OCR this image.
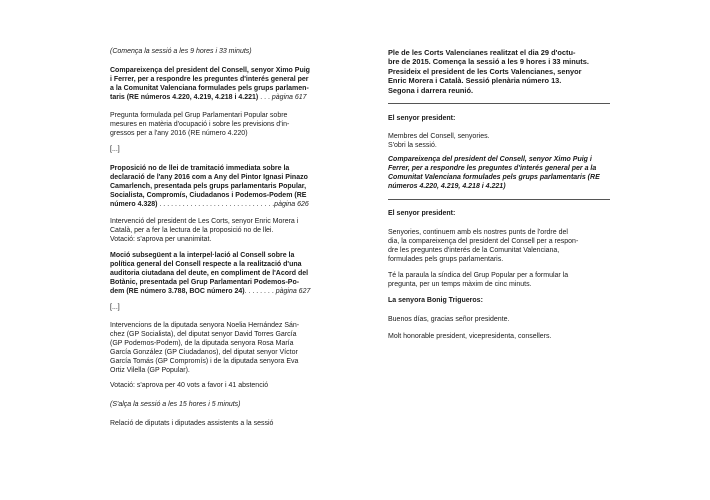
(Comença la sessió a les 9 hores i 33 minuts)

Compareixença del president del Consell, senyor Ximo Puig
i Ferrer, per a respondre les preguntes d'interés general per
a la Comunitat Valenciana formulades pels grups parlamen-
taris (RE números 4.220, 4.219, 4.218 i 4.221) . . . pàgina 617
Pregunta formulada pel Grup Parlamentari Popular sobre
mesures en matèria d'ocupació i sobre les previsions d'in-
gressos per a l'any 2016 (RE número 4.220)

[...]

Proposició no de llei de tramitació immediata sobre la
declaració de l'any 2016 com a Any del Pintor Ignasi Pinazo
Camarlench, presentada pels grups parlamentaris Popular,
Socialista, Compromís, Ciudadanos i Podemos-Podem (RE
número 4.328) . . . . . . . . . . . . . . . . . . . . . . . . . . . . . .pàgina 626
Intervenció del president de Les Corts, senyor Enric Morera i
Català, per a fer la lectura de la proposició no de llei.
Votació: s'aprova per unanimitat.
Moció subsegüent a la interpel·lació al Consell sobre la
política general del Consell respecte a la realització d'una
auditoria ciutadana del deute, en compliment de l'Acord del
Botànic, presentada pel Grup Parlamentari Podemos-Po-
dem (RE número 3.788, BOC número 24). . . . . . . . pàgina 627

[...]

Intervencions de la diputada senyora Noelia Hernández Sán-
chez (GP Socialista), del diputat senyor David Torres García
(GP Podemos-Podem), de la diputada senyora Rosa María
García González (GP Ciudadanos), del diputat senyor Víctor
García Tomás (GP Compromís) i de la diputada senyora Eva
Ortiz Vilella (GP Popular).

Votació: s'aprova per 40 vots a favor i 41 abstenció

(S'alça la sessió a les 15 hores i 5 minuts)

Relació de diputats i diputades assistents a la sessió

Ple de les Corts Valencianes realitzat el dia 29 d'octu-
bre de 2015. Comença la sessió a les 9 hores i 33 minuts.
Presideix el president de les Corts Valencianes, senyor
Enric Morera i Català. Sessió plenària número 13.
Segona i darrera reunió.

El senyor president:

Membres del Consell, senyories.
S'obri la sessió.
Compareixença del president del Consell, senyor Ximo Puig i
Ferrer, per a respondre les preguntes d'interés general per a la
Comunitat Valenciana formulades pels grups parlamentaris (RE
números 4.220, 4.219, 4.218 i 4.221)

El senyor president:

Senyories, continuem amb els nostres punts de l'ordre del
dia, la compareixença del president del Consell per a respon-
dre les preguntes d'interés de la Comunitat Valenciana,
formulades pels grups parlamentaris.
Té la paraula la síndica del Grup Popular per a formular la
pregunta, per un temps màxim de cinc minuts.

La senyora Bonig Trigueros:

Buenos días, gracias señor presidente.

Molt honorable president, vicepresidenta, consellers.
